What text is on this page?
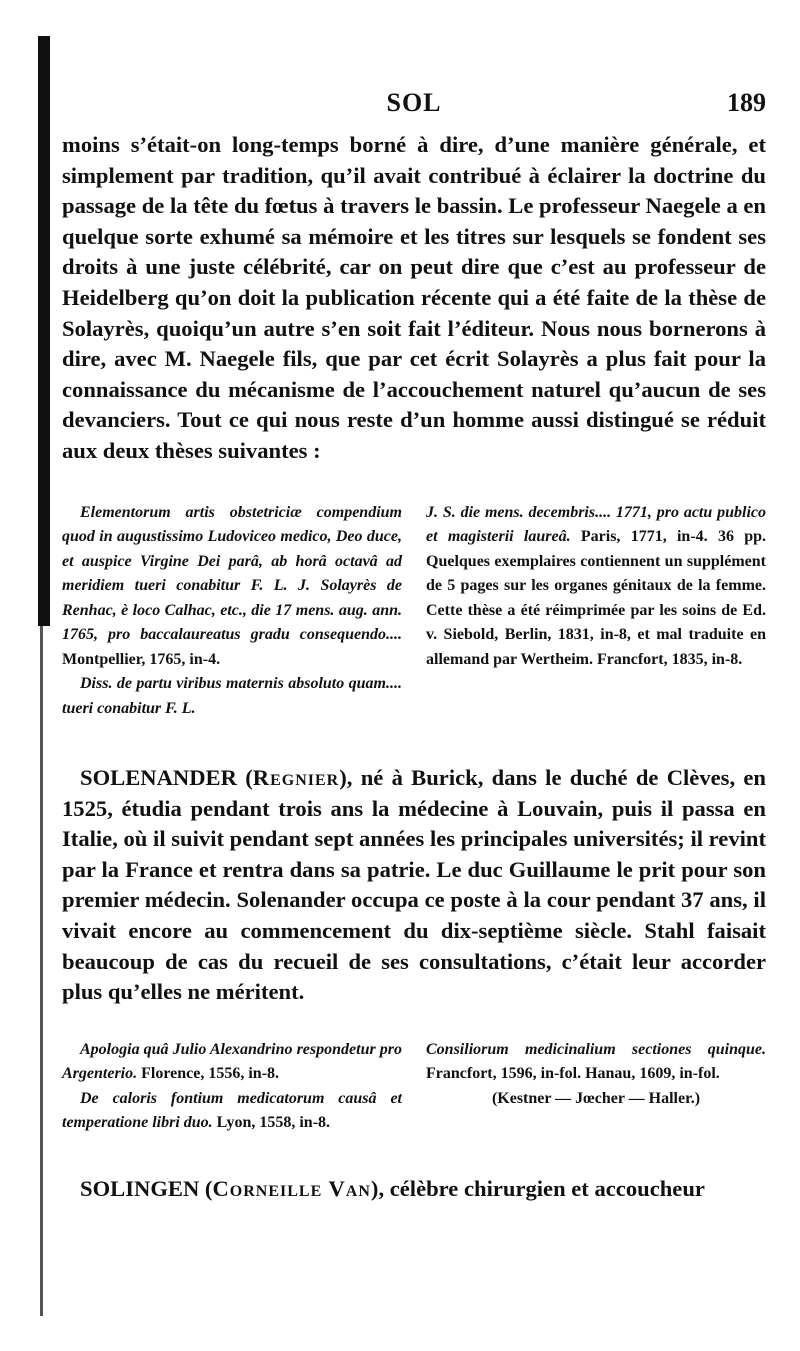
SOL	189

moins s’était-on long-temps borné à dire, d’une manière générale, et simplement par tradition, qu’il avait contribué à éclairer la doctrine du passage de la tête du fœtus à travers le bassin. Le professeur Naegele a en quelque sorte exhumé sa mémoire et les titres sur lesquels se fondent ses droits à une juste célébrité, car on peut dire que c’est au professeur de Heidelberg qu’on doit la publication récente qui a été faite de la thèse de Solayrès, quoiqu’un autre s’en soit fait l’éditeur. Nous nous bornerons à dire, avec M. Naegele fils, que par cet écrit Solayrès a plus fait pour la connaissance du mécanisme de l’accouchement naturel qu’aucun de ses devanciers. Tout ce qui nous reste d’un homme aussi distingué se réduit aux deux thèses suivantes :

Elementorum artis obstetriciæ compendium quod in augustissimo Ludoviceo medico, Deo duce, et auspice Virgine Dei parâ, ab horâ octavâ ad meridiem tueri conabitur F. L. J. Solayrès de Renhac, è loco Calhac, etc., die 17 mens. aug. ann. 1765, pro baccalaureatus gradu consequendo.... Montpellier, 1765, in-4.

Diss. de partu viribus maternis absoluto quam.... tueri conabitur F. L.

J. S. die mens. decembris.... 1771, pro actu publico et magisterii laureâ. Paris, 1771, in-4. 36 pp. Quelques exemplaires contiennent un supplément de 5 pages sur les organes génitaux de la femme. Cette thèse a été réimprimée par les soins de Ed. v. Siebold, Berlin, 1831, in-8, et mal traduite en allemand par Wertheim. Francfort, 1835, in-8.

SOLENANDER (Regnier), né à Burick, dans le duché de Clèves, en 1525, étudia pendant trois ans la médecine à Louvain, puis il passa en Italie, où il suivit pendant sept années les principales universités; il revint par la France et rentra dans sa patrie. Le duc Guillaume le prit pour son premier médecin. Solenander occupa ce poste à la cour pendant 37 ans, il vivait encore au commencement du dix-septième siècle. Stahl faisait beaucoup de cas du recueil de ses consultations, c’était leur accorder plus qu’elles ne méritent.

Apologia quâ Julio Alexandrino respondetur pro Argenterio. Florence, 1556, in-8.

De caloris fontium medicatorum causâ et temperatione libri duo. Lyon, 1558, in-8.

Consiliorum medicinalium sectiones quinque. Francfort, 1596, in-fol. Hanau, 1609, in-fol.

(Kestner — Jœcher — Haller.)

SOLINGEN (Corneille Van), célèbre chirurgien et accoucheur
